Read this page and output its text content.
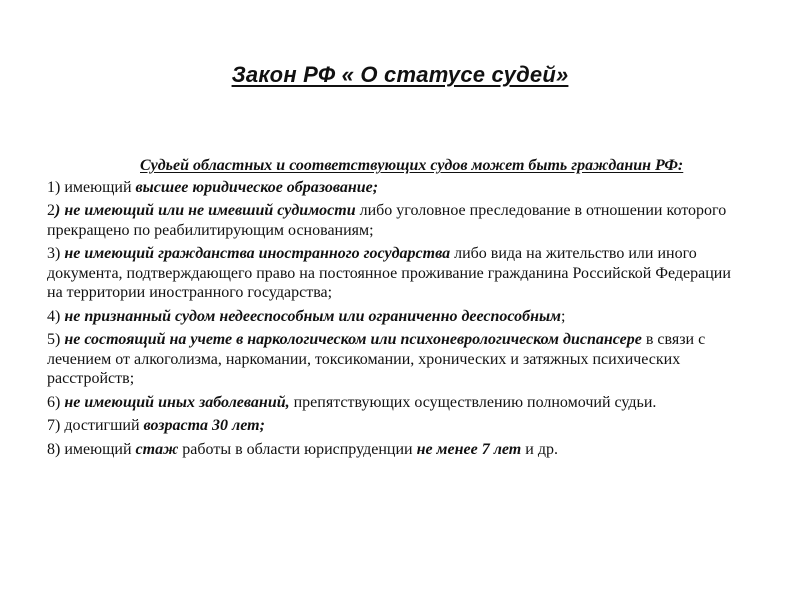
Закон РФ « О статусе судей»

Судьей областных и соответствующих судов может быть гражданин РФ:

1) имеющий высшее юридическое образование;

2) не имеющий или не имевший судимости либо уголовное преследование в отношении которого прекращено по реабилитирующим основаниям;

3) не имеющий гражданства иностранного государства либо вида на жительство или иного документа, подтверждающего право на постоянное проживание гражданина Российской Федерации на территории иностранного государства;

4) не признанный судом недееспособным или ограниченно дееспособным;

5) не состоящий на учете в наркологическом или психоневрологическом диспансере в связи с лечением от алкоголизма, наркомании, токсикомании, хронических и затяжных психических расстройств;

6) не имеющий иных заболеваний, препятствующих осуществлению полномочий судьи.

7) достигший возраста 30 лет;

8) имеющий стаж работы в области юриспруденции не менее 7 лет и др.
